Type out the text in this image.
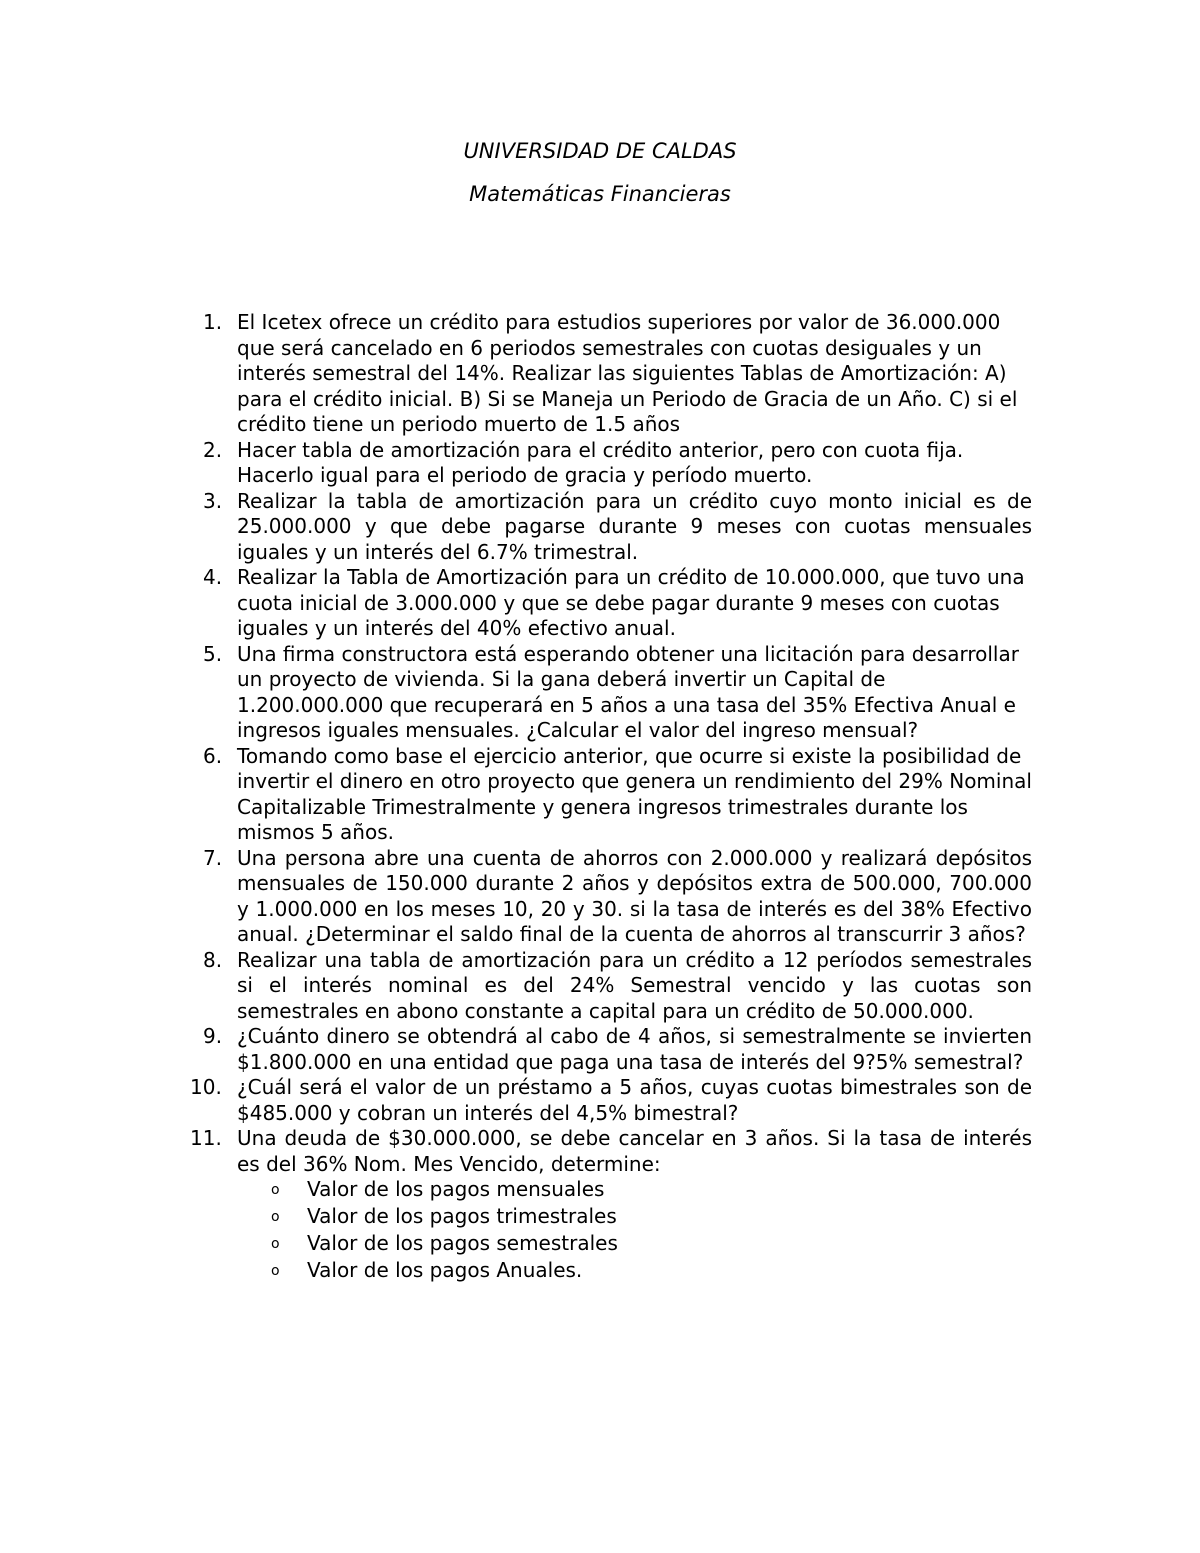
UNIVERSIDAD DE CALDAS
Matemáticas Financieras
1. El Icetex ofrece un crédito para estudios superiores por valor de 36.000.000 que será cancelado en 6 periodos semestrales con cuotas desiguales y un interés semestral del 14%. Realizar las siguientes Tablas de Amortización: A) para el crédito inicial. B) Si se Maneja un Periodo de Gracia de un Año. C) si el crédito tiene un periodo muerto de 1.5 años
2. Hacer tabla de amortización para el crédito anterior, pero con cuota fija. Hacerlo igual para el periodo de gracia y período muerto.
3. Realizar la tabla de amortización para un crédito cuyo monto inicial es de 25.000.000 y que debe pagarse durante 9 meses con cuotas mensuales iguales y un interés del 6.7% trimestral.
4. Realizar la Tabla de Amortización para un crédito de 10.000.000, que tuvo una cuota inicial de 3.000.000 y que se debe pagar durante 9 meses con cuotas iguales y un interés del 40% efectivo anual.
5. Una firma constructora está esperando obtener una licitación para desarrollar un proyecto de vivienda. Si la gana deberá invertir un Capital de 1.200.000.000 que recuperará en 5 años a una tasa del 35% Efectiva Anual e ingresos iguales mensuales. ¿Calcular el valor del ingreso mensual?
6. Tomando como base el ejercicio anterior, que ocurre si existe la posibilidad de invertir el dinero en otro proyecto que genera un rendimiento del 29% Nominal Capitalizable Trimestralmente y genera ingresos trimestrales durante los mismos 5 años.
7. Una persona abre una cuenta de ahorros con 2.000.000 y realizará depósitos mensuales de 150.000 durante 2 años y depósitos extra de 500.000, 700.000 y 1.000.000 en los meses 10, 20 y 30. si la tasa de interés es del 38% Efectivo anual. ¿Determinar el saldo final de la cuenta de ahorros al transcurrir 3 años?
8. Realizar una tabla de amortización para un crédito a 12 períodos semestrales si el interés nominal es del 24% Semestral vencido y las cuotas son semestrales en abono constante a capital para un crédito de 50.000.000.
9. ¿Cuánto dinero se obtendrá al cabo de 4 años, si semestralmente se invierten $1.800.000 en una entidad que paga una tasa de interés del 9?5% semestral?
10. ¿Cuál será el valor de un préstamo a 5 años, cuyas cuotas bimestrales son de $485.000 y cobran un interés del 4,5% bimestral?
11. Una deuda de $30.000.000, se debe cancelar en 3 años. Si la tasa de interés es del 36% Nom. Mes Vencido, determine:
o	Valor de los pagos mensuales
o	Valor de los pagos trimestrales
o	Valor de los pagos semestrales
o	Valor de los pagos Anuales.
